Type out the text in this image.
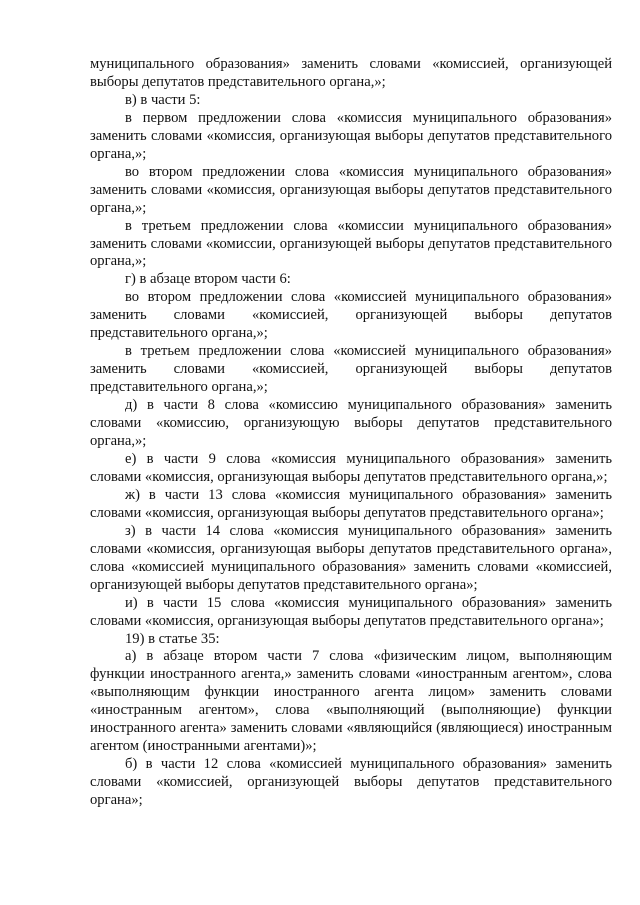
муниципального образования» заменить словами «комиссией, организующей выборы депутатов представительного органа,»;

в) в части 5:

в первом предложении слова «комиссия муниципального образования» заменить словами «комиссия, организующая выборы депутатов представительного органа,»;

во втором предложении слова «комиссия муниципального образования» заменить словами «комиссия, организующая выборы депутатов представительного органа,»;

в третьем предложении слова «комиссии муниципального образования» заменить словами «комиссии, организующей выборы депутатов представительного органа,»;

г) в абзаце втором части 6:

во втором предложении слова «комиссией муниципального образования» заменить словами «комиссией, организующей выборы депутатов представительного органа,»;

в третьем предложении слова «комиссией муниципального образования» заменить словами «комиссией, организующей выборы депутатов представительного органа,»;

д) в части 8 слова «комиссию муниципального образования» заменить словами «комиссию, организующую выборы депутатов представительного органа,»;

е) в части 9 слова «комиссия муниципального образования» заменить словами «комиссия, организующая выборы депутатов представительного органа,»;

ж) в части 13 слова «комиссия муниципального образования» заменить словами «комиссия, организующая выборы депутатов представительного органа»;

з) в части 14 слова «комиссия муниципального образования» заменить словами «комиссия, организующая выборы депутатов представительного органа», слова «комиссией муниципального образования» заменить словами «комиссией, организующей выборы депутатов представительного органа»;

и) в части 15 слова «комиссия муниципального образования» заменить словами «комиссия, организующая выборы депутатов представительного органа»;

19) в статье 35:

а) в абзаце втором части 7 слова «физическим лицом, выполняющим функции иностранного агента,» заменить словами «иностранным агентом», слова «выполняющим функции иностранного агента лицом» заменить словами «иностранным агентом», слова «выполняющий (выполняющие) функции иностранного агента» заменить словами «являющийся (являющиеся) иностранным агентом (иностранными агентами)»;

б) в части 12 слова «комиссией муниципального образования» заменить словами «комиссией, организующей выборы депутатов представительного органа»;
